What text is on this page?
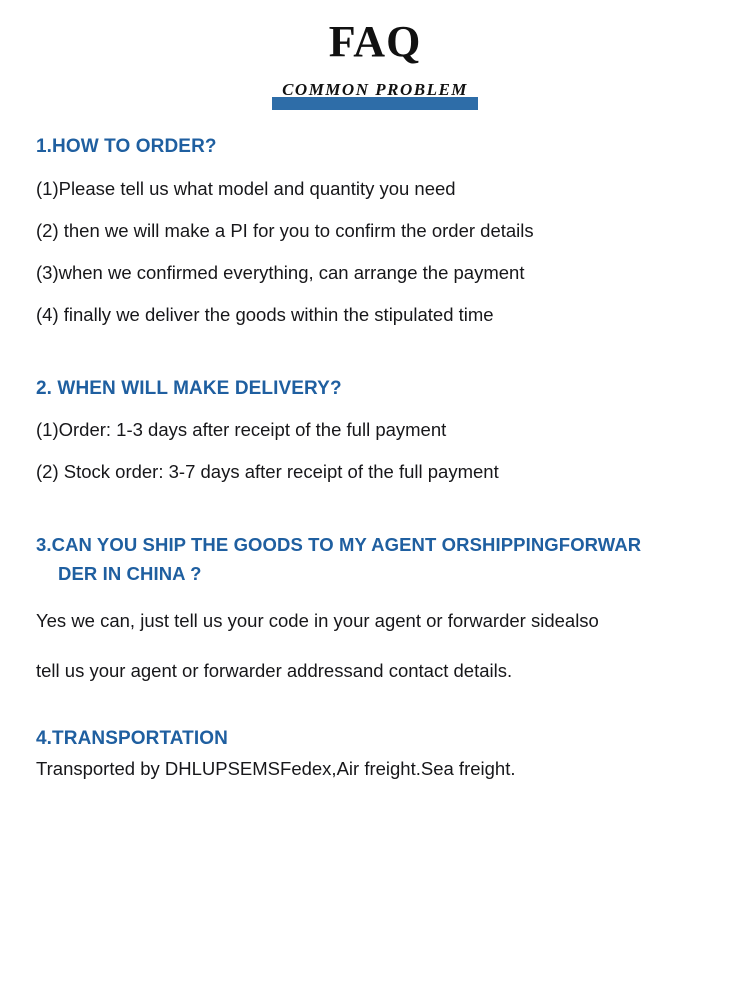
FAQ
COMMON PROBLEM

1.HOW TO ORDER?

(1)Please tell us what model and quantity you need

(2) then we will make a PI for you to confirm the order details

(3)when we confirmed everything, can arrange the payment

(4) finally we deliver the goods within the stipulated time

2. WHEN WILL MAKE DELIVERY?

(1)Order: 1-3 days after receipt of the full payment

(2) Stock order: 3-7 days after receipt of the full payment

3.CAN YOU SHIP THE GOODS TO MY AGENT ORSHIPPINGFORWAR
DER IN CHINA ?

Yes we can, just tell us your code in your agent or forwarder sidealso
tell us your agent or forwarder addressand contact details.

4.TRANSPORTATION

Transported by DHLUPSEMSFedex,Air freight.Sea freight.
